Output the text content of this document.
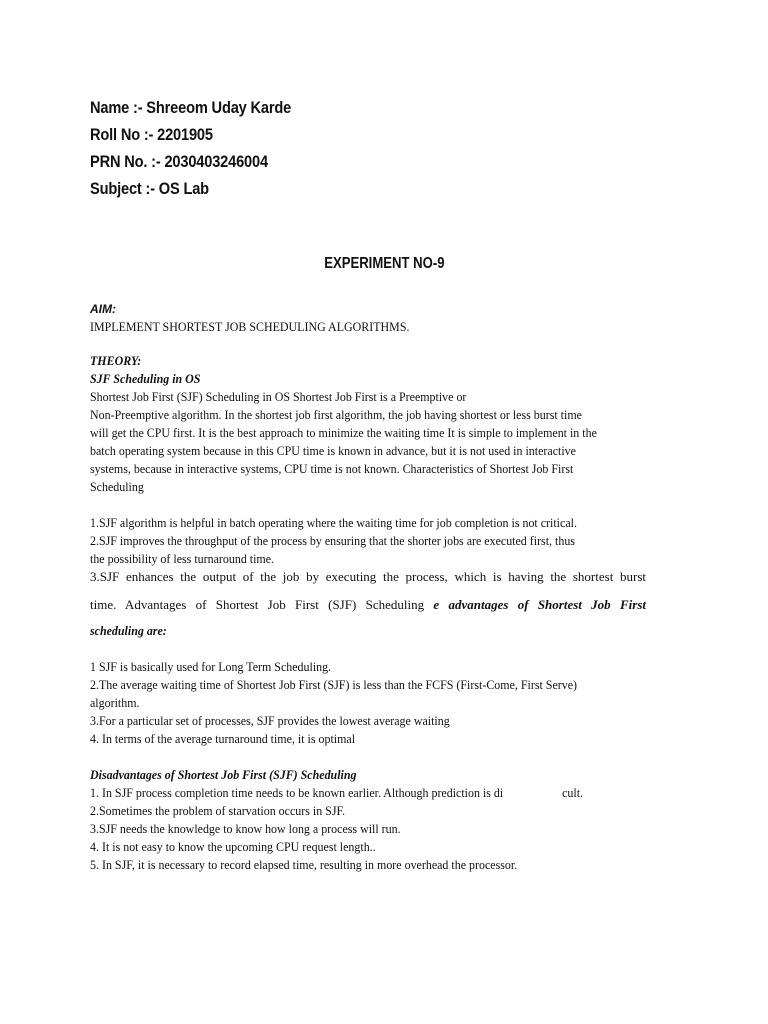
Name :- Shreeom Uday Karde
Roll No :- 2201905
PRN No. :- 2030403246004
Subject :- OS Lab
EXPERIMENT NO-9
AIM:
IMPLEMENT SHORTEST JOB SCHEDULING ALGORITHMS.
THEORY:
SJF Scheduling in OS
Shortest Job First (SJF) Scheduling in OS Shortest Job First is a Preemptive or
Non-Preemptive algorithm. In the shortest job first algorithm, the job having shortest or less burst time
will get the CPU first. It is the best approach to minimize the waiting time It is simple to implement in the
batch operating system because in this CPU time is known in advance, but it is not used in interactive
systems, because in interactive systems, CPU time is not known. Characteristics of Shortest Job First
Scheduling
1.SJF algorithm is helpful in batch operating where the waiting time for job completion is not critical.
2.SJF improves the throughput of the process by ensuring that the shorter jobs are executed first, thus
the possibility of less turnaround time.
3.SJF enhances the output of the job by executing the process, which is having the shortest burst
time. Advantages of Shortest Job First (SJF) Scheduling e advantages of Shortest Job First
scheduling are:
1 SJF is basically used for Long Term Scheduling.
2.The average waiting time of Shortest Job First (SJF) is less than the FCFS (First-Come, First Serve)
algorithm.
3.For a particular set of processes, SJF provides the lowest average waiting
4. In terms of the average turnaround time, it is optimal
Disadvantages of Shortest Job First (SJF) Scheduling
1. In SJF process completion time needs to be known earlier. Although prediction is di	cult.
2.Sometimes the problem of starvation occurs in SJF.
3.SJF needs the knowledge to know how long a process will run.
4. It is not easy to know the upcoming CPU request length..
5. In SJF, it is necessary to record elapsed time, resulting in more overhead the processor.
